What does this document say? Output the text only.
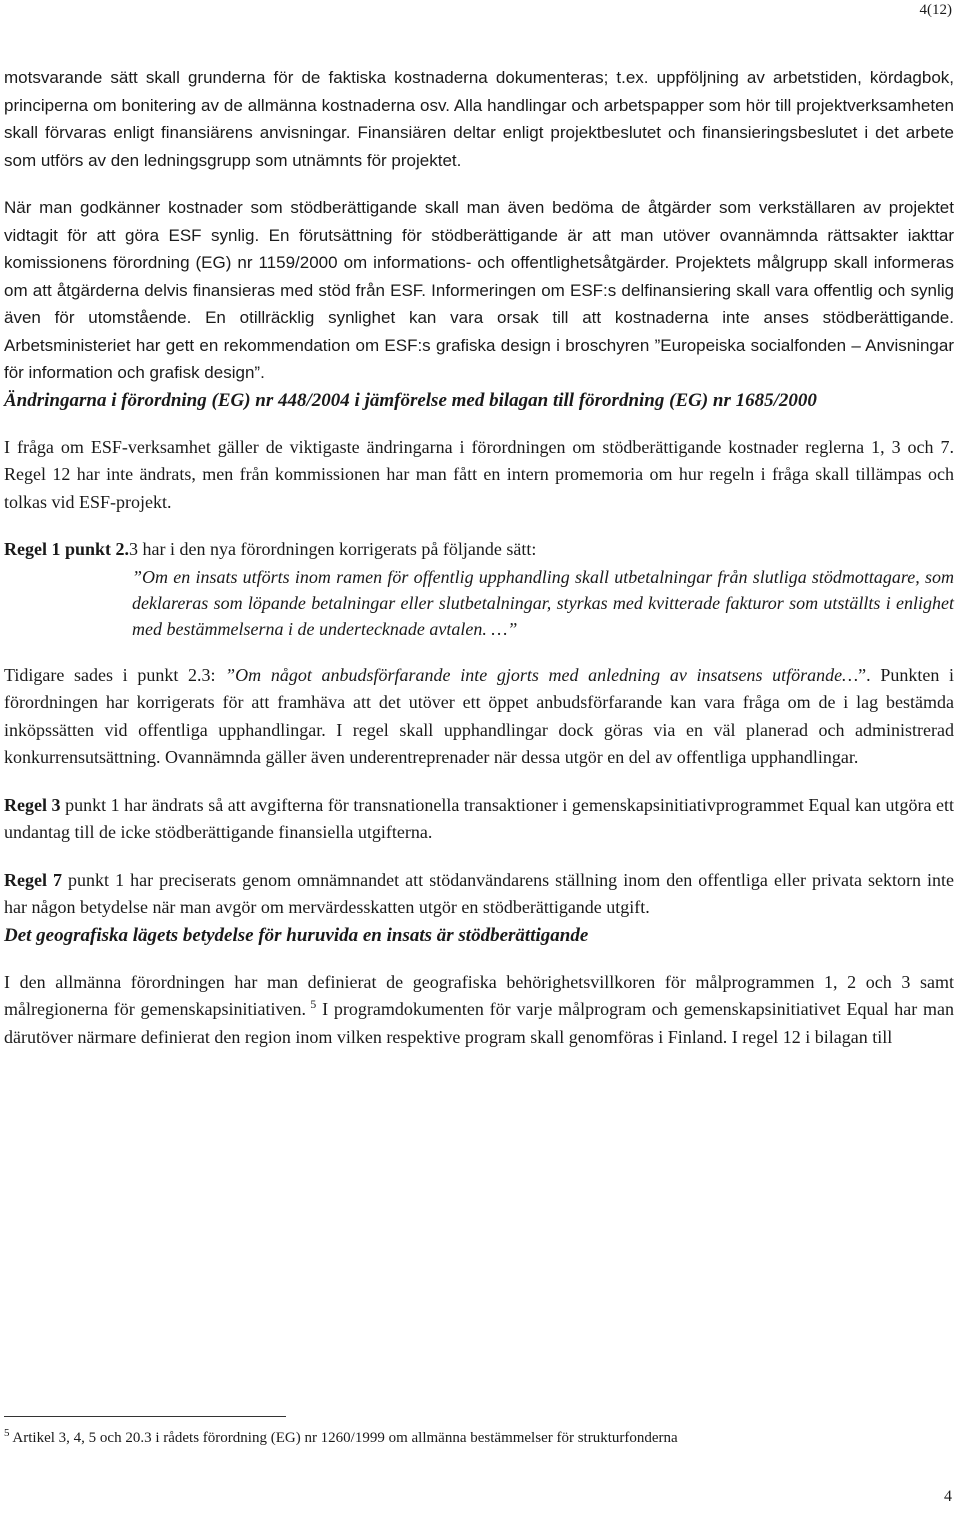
4(12)

motsvarande sätt skall grunderna för de faktiska kostnaderna dokumenteras; t.ex. uppföljning av arbetstiden, kördagbok, principerna om bonitering av de allmänna kostnaderna osv. Alla handlingar och arbetspapper som hör till projektverksamheten skall förvaras enligt finansiärens anvisningar. Finansiären deltar enligt projektbeslutet och finansieringsbeslutet i det arbete som utförs av den ledningsgrupp som utnämnts för projektet.

När man godkänner kostnader som stödberättigande skall man även bedöma de åtgärder som verkställaren av projektet vidtagit för att göra ESF synlig. En förutsättning för stödberättigande är att man utöver ovannämnda rättsakter iakttar komissionens förordning (EG) nr 1159/2000 om informations- och offentlighetsåtgärder. Projektets målgrupp skall informeras om att åtgärderna delvis finansieras med stöd från ESF. Informeringen om ESF:s delfinansiering skall vara offentlig och synlig även för utomstående. En otillräcklig synlighet kan vara orsak till att kostnaderna inte anses stödberättigande. Arbetsministeriet har gett en rekommendation om ESF:s grafiska design i broschyren ”Europeiska socialfonden – Anvisningar för information och grafisk design”.

Ändringarna i förordning (EG) nr 448/2004 i jämförelse med bilagan till förordning (EG) nr 1685/2000

I fråga om ESF-verksamhet gäller de viktigaste ändringarna i förordningen om stödberättigande kostnader reglerna 1, 3 och 7. Regel 12 har inte ändrats, men från kommissionen har man fått en intern promemoria om hur regeln i fråga skall tillämpas och tolkas vid ESF-projekt.

Regel 1 punkt 2.3 har i den nya förordningen korrigerats på följande sätt:

”Om en insats utförts inom ramen för offentlig upphandling skall utbetalningar från slutliga stödmottagare, som deklareras som löpande betalningar eller slutbetalningar, styrkas med kvitterade fakturor som utställts i enlighet med bestämmelserna i de undertecknade avtalen. …”

Tidigare sades i punkt 2.3: ”Om något anbudsförfarande inte gjorts med anledning av insatsens utförande…”. Punkten i förordningen har korrigerats för att framhäva att det utöver ett öppet anbudsförfarande kan vara fråga om de i lag bestämda inköpssätten vid offentliga upphandlingar. I regel skall upphandlingar dock göras via en väl planerad och administrerad konkurrensutsättning. Ovannämnda gäller även underentreprenader när dessa utgör en del av offentliga upphandlingar.

Regel 3 punkt 1 har ändrats så att avgifterna för transnationella transaktioner i gemenskapsinitiativprogrammet Equal kan utgöra ett undantag till de icke stödberättigande finansiella utgifterna.

Regel 7 punkt 1 har preciserats genom omnämnandet att stödanvändarens ställning inom den offentliga eller privata sektorn inte har någon betydelse när man avgör om mervärdesskatten utgör en stödberättigande utgift.

Det geografiska lägets betydelse för huruvida en insats är stödberättigande

I den allmänna förordningen har man definierat de geografiska behörighetsvillkoren för målprogrammen 1, 2 och 3 samt målregionerna för gemenskapsinitiativen. $^5$ I programdokumenten för varje målprogram och gemenskapsinitiativet Equal har man därutöver närmare definierat den region inom vilken respektive program skall genomföras i Finland. I regel 12 i bilagan till

$^5$ Artikel 3, 4, 5 och 20.3 i rådets förordning (EG) nr 1260/1999 om allmänna bestämmelser för strukturfonderna
4
